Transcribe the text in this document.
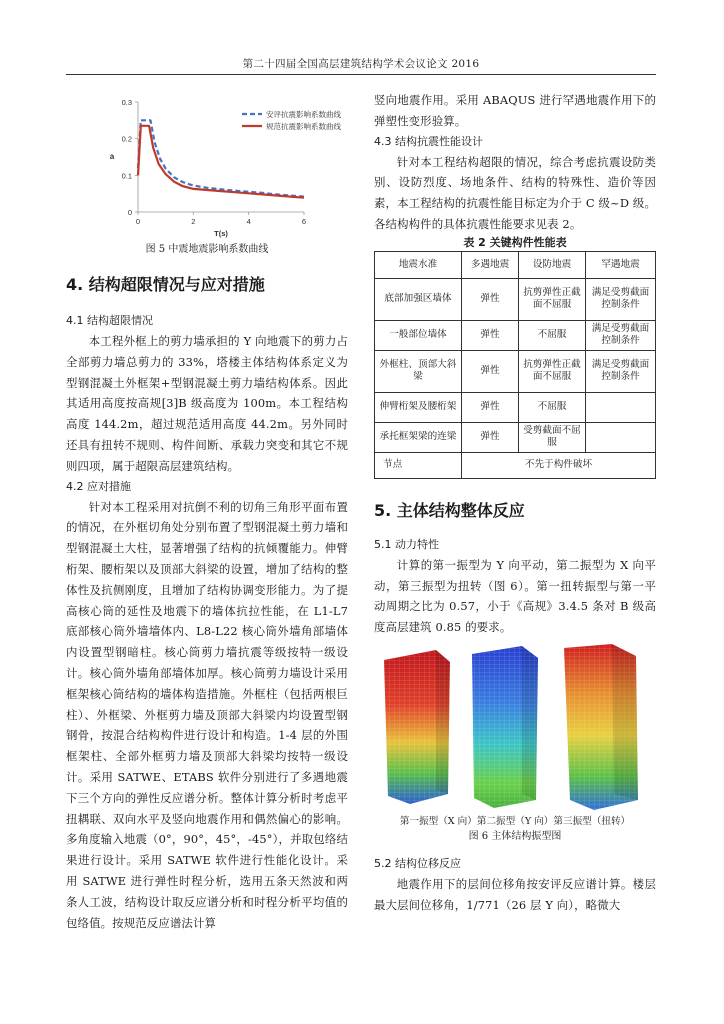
第二十四届全国高层建筑结构学术会议论文 2016
0
0.1
0.2
0.3
0	2	4	6
T(s)
a
安评抗震影响系数曲线
规范抗震影响系数曲线
图 5 中震地震影响系数曲线
4. 结构超限情况与应对措施
4.1 结构超限情况

本工程外框上的剪力墙承担的 Y 向地震下的剪力占全部剪力墙总剪力的 33%，塔楼主体结构体系定义为型钢混凝土外框架+型钢混凝土剪力墙结构体系。因此其适用高度按高规[3]B 级高度为 100m。本工程结构高度 144.2m，超过规范适用高度 44.2m。另外同时还具有扭转不规则、构件间断、承载力突变和其它不规则四项，属于超限高层建筑结构。

4.2 应对措施

针对本工程采用对抗倒不利的切角三角形平面布置的情况，在外框切角处分别布置了型钢混凝土剪力墙和型钢混凝土大柱，显著增强了结构的抗倾覆能力。伸臂桁架、腰桁架以及顶部大斜梁的设置，增加了结构的整体性及抗侧刚度，且增加了结构协调变形能力。为了提高核心筒的延性及地震下的墙体抗拉性能，在 L1-L7 底部核心筒外墙墙体内、L8-L22 核心筒外墙角部墙体内设置型钢暗柱。核心筒剪力墙抗震等级按特一级设计。核心筒外墙角部墙体加厚。核心筒剪力墙设计采用框架核心筒结构的墙体构造措施。外框柱（包括两根巨柱）、外框梁、外框剪力墙及顶部大斜梁内均设置型钢钢骨，按混合结构构件进行设计和构造。1-4 层的外围框架柱、全部外框剪力墙及顶部大斜梁均按特一级设计。采用 SATWE、ETABS 软件分别进行了多遇地震下三个方向的弹性反应谱分析。整体计算分析时考虑平扭耦联、双向水平及竖向地震作用和偶然偏心的影响。多角度输入地震（0°，90°，45°，-45°），并取包络结果进行设计。采用 SATWE 软件进行性能化设计。采用 SATWE 进行弹性时程分析，选用五条天然波和两条人工波，结构设计取反应谱分析和时程分析平均值的包络值。按规范反应谱法计算

竖向地震作用。采用 ABAQUS 进行罕遇地震作用下的弹塑性变形验算。

4.3 结构抗震性能设计

针对本工程结构超限的情况，综合考虑抗震设防类别、设防烈度、场地条件、结构的特殊性、造价等因素，本工程结构的抗震性能目标定为介于 C 级~D 级。各结构构件的具体抗震性能要求见表 2。

表 2 关键构件性能表
地震水准	多遇地震	设防地震	罕遇地震
底部加强区墙体	弹性	抗剪弹性正截面不屈服	满足受剪截面控制条件
一般部位墙体	弹性	不屈服	满足受剪截面控制条件
外框柱、顶部大斜梁	弹性	抗剪弹性正截面不屈服	满足受剪截面控制条件
伸臂桁架及腰桁架	弹性	不屈服	
承托框架梁的连梁	弹性	受剪截面不屈服	
节点	不先于构件破坏		
5. 主体结构整体反应
5.1 动力特性

计算的第一振型为 Y 向平动，第二振型为 X 向平动，第三振型为扭转（图 6）。第一扭转振型与第一平动周期之比为 0.57，小于《高规》3.4.5 条对 B 级高度高层建筑 0.85 的要求。

第一振型（X 向）第二振型（Y 向）第三振型（扭转）
图 6 主体结构振型图
5.2 结构位移反应

地震作用下的层间位移角按安评反应谱计算。楼层最大层间位移角，1/771（26 层 Y 向），略微大
